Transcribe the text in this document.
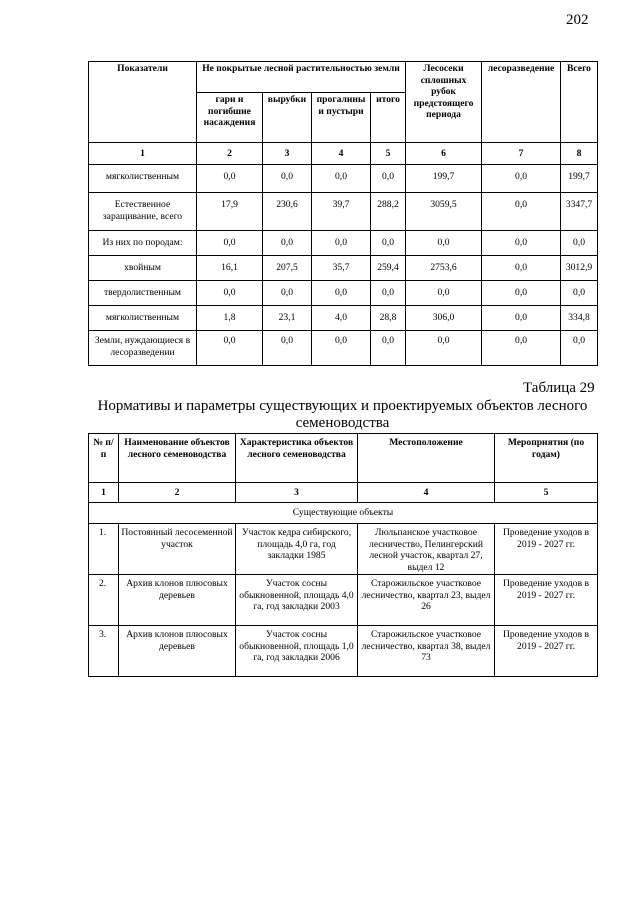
202
Показатели	Не покрытые лесной растительностью земли				Лесосеки сплошных рубок предстоящего периода	лесоразведение	Всего
	гари и погибшие насаждения	вырубки	прогалины и пустыри	итого			
1	2	3	4	5	6	7	8
мягколиственным	0,0	0,0	0,0	0,0	199,7	0,0	199,7
Естественное заращивание, всего	17,9	230,6	39,7	288,2	3059,5	0,0	3347,7
Из них по породам:	0,0	0,0	0,0	0,0	0,0	0,0	0,0
хвойным	16,1	207,5	35,7	259,4	2753,6	0,0	3012,9
твердолиственным	0,0	0,0	0,0	0,0	0,0	0,0	0,0
мягколиственным	1,8	23,1	4,0	28,8	306,0	0,0	334,8
Земли, нуждающиеся в лесоразведении	0,0	0,0	0,0	0,0	0,0	0,0	0,0
Таблица 29
Нормативы и параметры существующих и проектируемых объектов лесного семеноводства
№ п/п	Наименование объектов лесного семеноводства	Характеристика объектов лесного семеноводства	Местоположение	Мероприятия (по годам)
1	2	3	4	5
Существующие объекты				
1.	Постоянный лесосеменной участок	Участок кедра сибирского, площадь 4,0 га, год закладки 1985	Люльпанское участковое лесничество, Пелингерский лесной участок, квартал 27, выдел 12	Проведение уходов в 2019 - 2027 гг.
2.	Архив клонов плюсовых деревьев	Участок сосны обыкновенной, площадь 4,0 га, год закладки 2003	Старожильское участковое лесничество, квартал 23, выдел 26	Проведение уходов в 2019 - 2027 гг.
3.	Архив клонов плюсовых деревьев	Участок сосны обыкновенной, площадь 1,0 га, год закладки 2006	Старожильское участковое лесничество, квартал 38, выдел 73	Проведение уходов в 2019 - 2027 гг.
